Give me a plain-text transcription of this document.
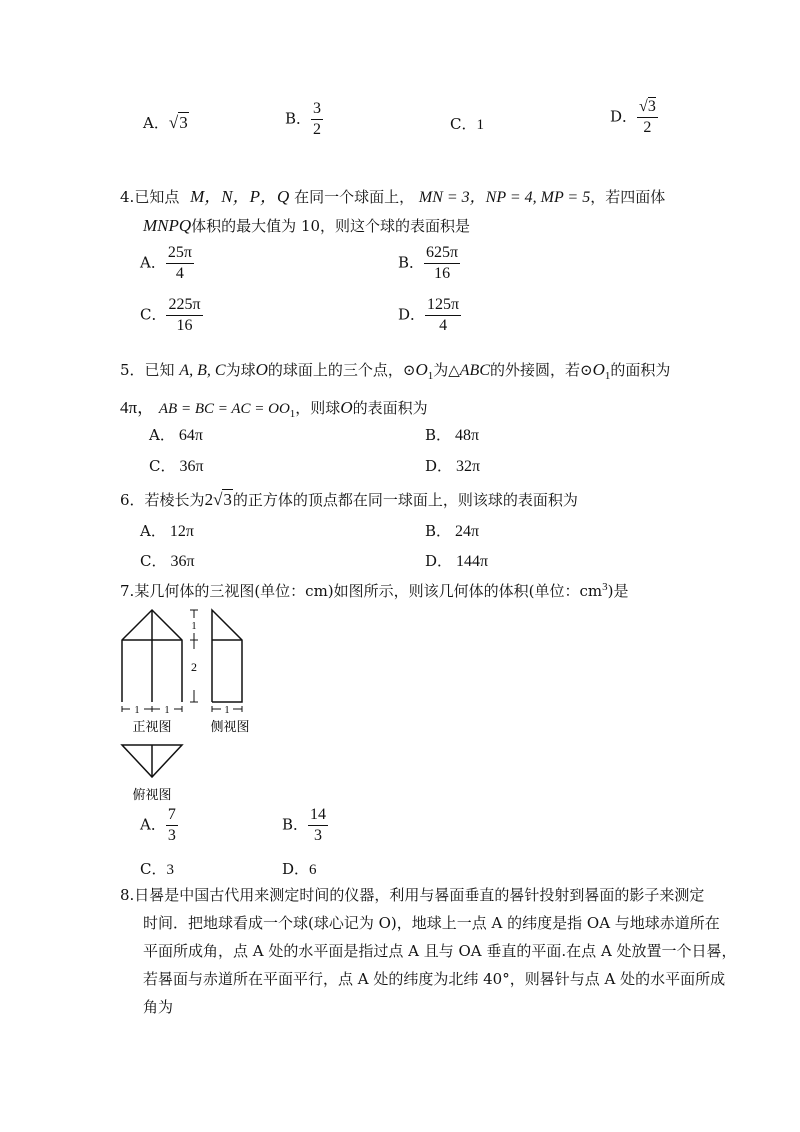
A．√3	B． $\frac{3}{2}$	C．1	D． $\frac{√3}{2}$
4.已知点 M，N，P，Q 在同一个球面上， MN = 3，NP = 4, MP = 5，若四面体
MNPQ体积的最大值为 10，则这个球的表面积是
A． $\frac{25\pi}{4}$	B． $\frac{625\pi}{16}$
C． $\frac{225\pi}{16}$	D． $\frac{125\pi}{4}$
5．已知 A, B, C为球O的球面上的三个点，$⊙O_1$为△ABC的外接圆，若$⊙O_1$的面积为
4π， AB = BC = AC = $OO_1$，则球O的表面积为
A． 64π	B． 48π
C． 36π	D． 32π
6．若棱长为2√3的正方体的顶点都在同一球面上，则该球的表面积为
A． 12π	B． 24π
C． 36π	D． 144π
7.某几何体的三视图(单位：cm)如图所示，则该几何体的体积(单位：$cm^3$)是
1	1
正视图
1
2
1
侧视图
俯视图
A． $\frac{7}{3}$	B． $\frac{14}{3}$
C．3	D．6
8.日晷是中国古代用来测定时间的仪器，利用与晷面垂直的晷针投射到晷面的影子来测定
时间．把地球看成一个球(球心记为 O)，地球上一点 A 的纬度是指 OA 与地球赤道所在
平面所成角，点 A 处的水平面是指过点 A 且与 OA 垂直的平面.在点 A 处放置一个日晷，
若晷面与赤道所在平面平行，点 A 处的纬度为北纬 40°，则晷针与点 A 处的水平面所成
角为
